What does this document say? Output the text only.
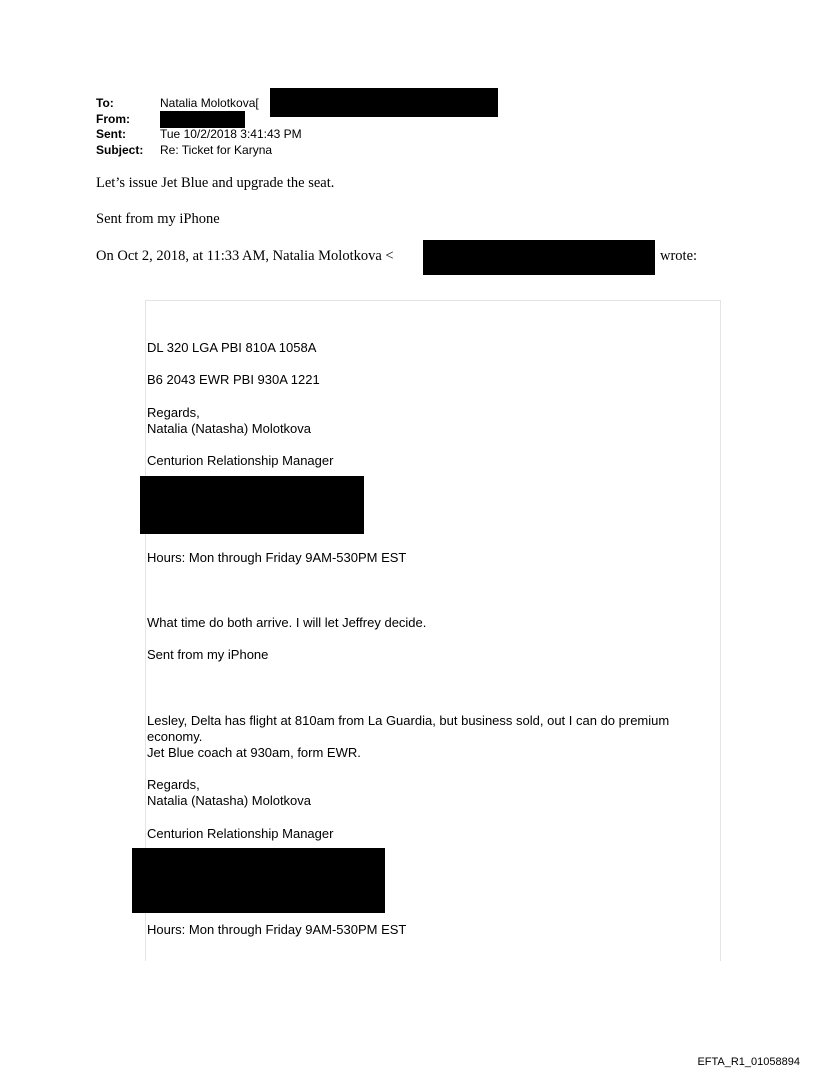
To:	Natalia Molotkova[
From:
Sent:	Tue 10/2/2018 3:41:43 PM
Subject: Re: Ticket for Karyna
Let’s issue Jet Blue and upgrade the seat.
Sent from my iPhone
On Oct 2, 2018, at 11:33 AM, Natalia Molotkova <	wrote:
DL 320 LGA PBI 810A 1058A
B6 2043 EWR PBI 930A 1221
Regards,
Natalia (Natasha) Molotkova
Centurion Relationship Manager
Hours: Mon through Friday 9AM-530PM EST
What time do both arrive. I will let Jeffrey decide.
Sent from my iPhone
Lesley, Delta has flight at 810am from La Guardia, but business sold, out I can do premium
economy.
Jet Blue coach at 930am, form EWR.
Regards,
Natalia (Natasha) Molotkova
Centurion Relationship Manager
Hours: Mon through Friday 9AM-530PM EST
EFTA_R1_01058894
